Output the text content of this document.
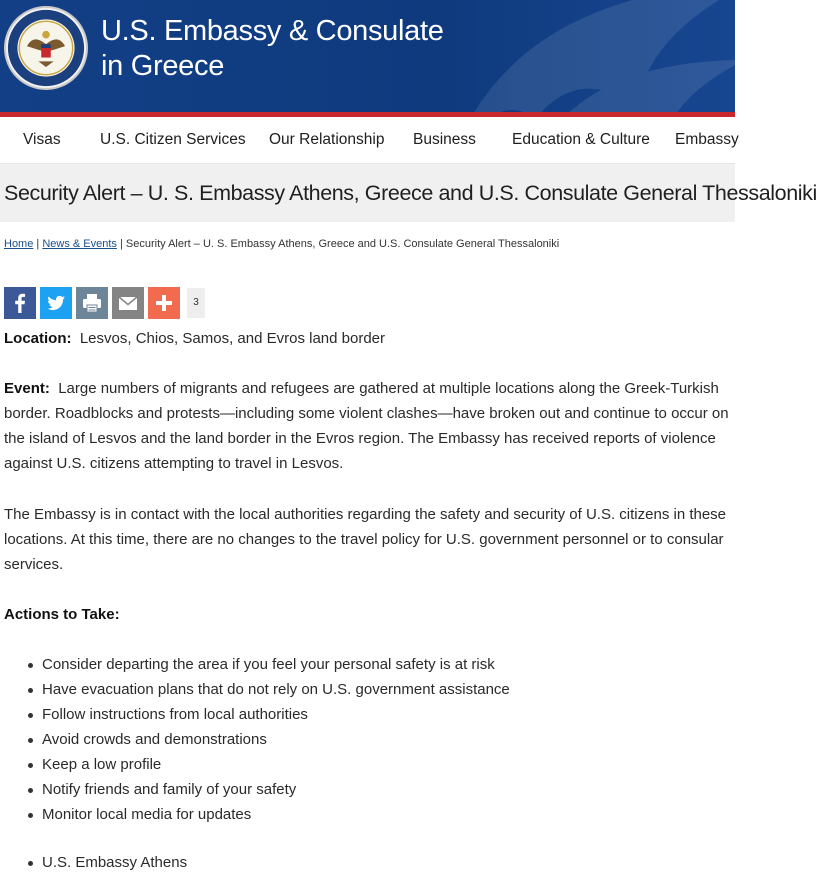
U.S. Embassy & Consulate
in Greece
Visas	U.S. Citizen Services Our Relationship Business Education & Culture Embassy
Security Alert – U. S. Embassy Athens, Greece and U.S. Consulate General Thessaloniki
Home | News & Events | Security Alert – U. S. Embassy Athens, Greece and U.S. Consulate General Thessaloniki
3

Location: Lesvos, Chios, Samos, and Evros land border

Event: Large numbers of migrants and refugees are gathered at multiple locations along the Greek-Turkish border. Roadblocks and protests—including some violent clashes—have broken out and continue to occur on the island of Lesvos and the land border in the Evros region. The Embassy has received reports of violence against U.S. citizens attempting to travel in Lesvos.

The Embassy is in contact with the local authorities regarding the safety and security of U.S. citizens in these locations. At this time, there are no changes to the travel policy for U.S. government personnel or to consular services.

Actions to Take:

Consider departing the area if you feel your personal safety is at risk
Have evacuation plans that do not rely on U.S. government assistance
Follow instructions from local authorities
Avoid crowds and demonstrations
Keep a low profile
Notify friends and family of your safety
Monitor local media for updates
U.S. Embassy Athens
